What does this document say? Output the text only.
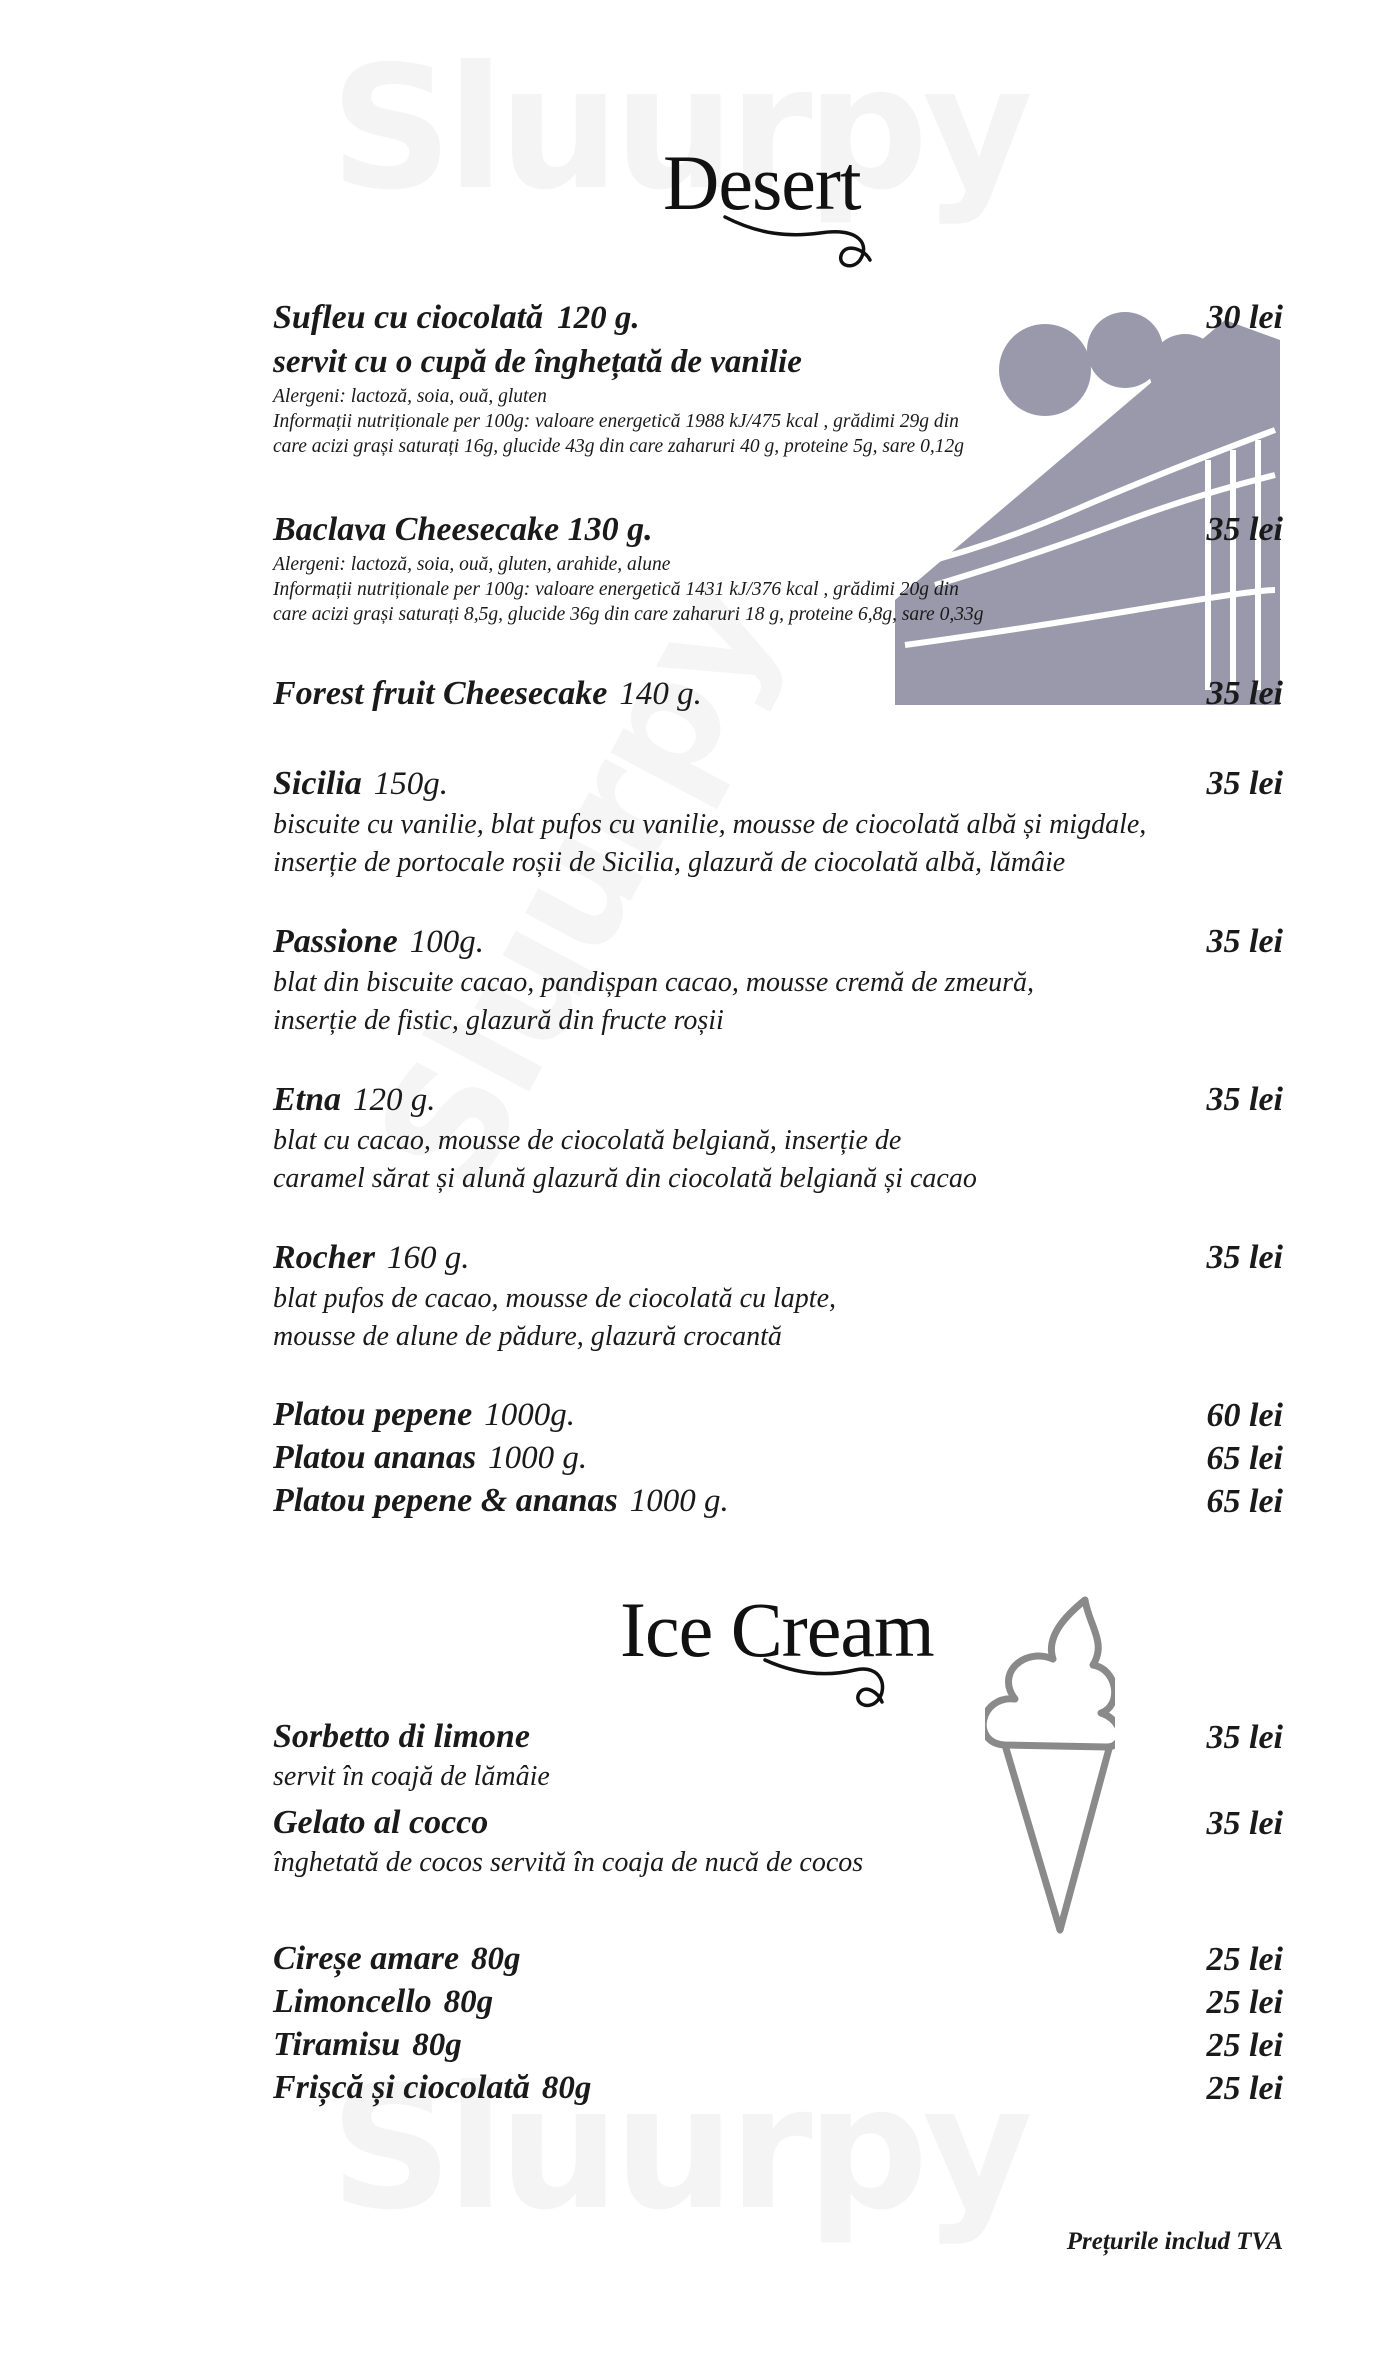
Desert
Sufleu cu ciocolată 120 g.	30 lei
servit cu o cupă de înghețată de vanilie
Alergeni: lactoză, soia, ouă, gluten
Informații nutriționale per 100g: valoare energetică 1988 kJ/475 kcal , grădimi 29g din
care acizi grași saturați 16g, glucide 43g din care zaharuri 40 g, proteine 5g, sare 0,12g
Baclava Cheesecake 130 g.	35 lei
Alergeni: lactoză, soia, ouă, gluten, arahide, alune
Informații nutriționale per 100g: valoare energetică 1431 kJ/376 kcal , grădimi 20g din
care acizi grași saturați 8,5g, glucide 36g din care zaharuri 18 g, proteine 6,8g, sare 0,33g
Forest fruit Cheesecake 140 g.	35 lei
Sicilia 150g.	35 lei
biscuite cu vanilie, blat pufos cu vanilie, mousse de ciocolată albă și migdale,
inserție de portocale roșii de Sicilia, glazură de ciocolată albă, lămâie
Passione 100g.	35 lei
blat din biscuite cacao, pandișpan cacao, mousse cremă de zmeură,
inserție de fistic, glazură din fructe roșii
Etna 120 g.	35 lei
blat cu cacao, mousse de ciocolată belgiană, inserție de
caramel sărat și alună glazură din ciocolată belgiană și cacao
Rocher 160 g.	35 lei
blat pufos de cacao, mousse de ciocolată cu lapte,
mousse de alune de pădure, glazură crocantă
Platou pepene 1000g.	60 lei
Platou ananas 1000 g.	65 lei
Platou pepene & ananas 1000 g.	65 lei
Ice Cream
Sorbetto di limone	35 lei
servit în coajă de lămâie
Gelato al cocco	35 lei
înghetată de cocos servită în coaja de nucă de cocos
Cireșe amare 80g	25 lei
Limoncello 80g	25 lei
Tiramisu 80g	25 lei
Frișcă și ciocolată 80g	25 lei
Prețurile includ TVA
